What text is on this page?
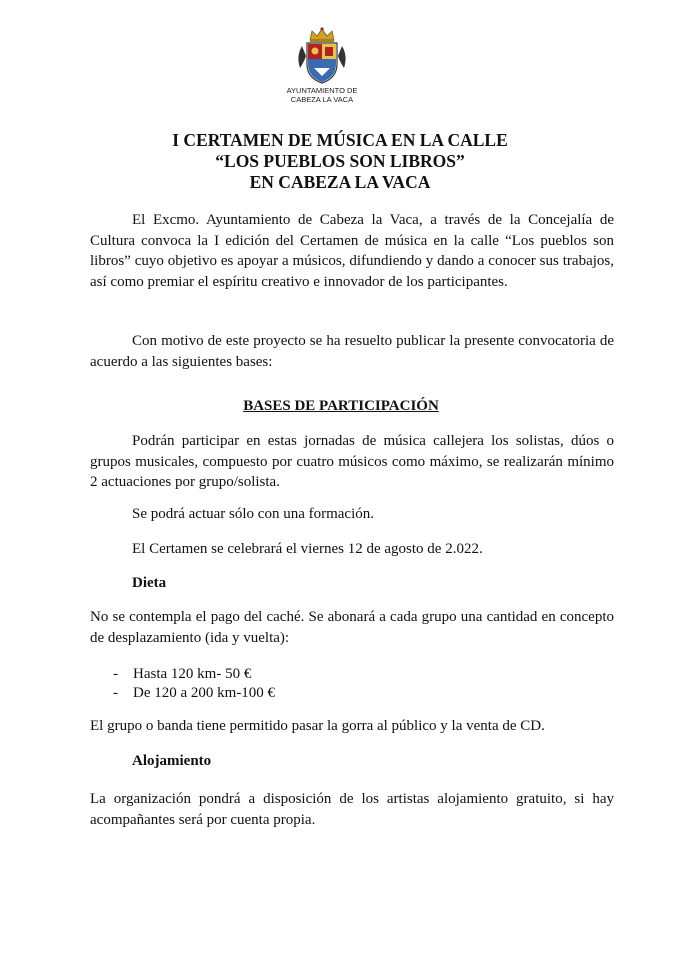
AYUNTAMIENTO DE
CABEZA LA VACA
I CERTAMEN DE MÚSICA EN LA CALLE
“LOS PUEBLOS SON LIBROS”
EN CABEZA LA VACA
El Excmo. Ayuntamiento de Cabeza la Vaca, a través de la Concejalía de Cultura convoca la I edición del Certamen de música en la calle “Los pueblos son libros” cuyo objetivo es apoyar a músicos, difundiendo y dando a conocer sus trabajos, así como premiar el espíritu creativo e innovador de los participantes.
Con motivo de este proyecto se ha resuelto publicar la presente convocatoria de acuerdo a las siguientes bases:
BASES DE PARTICIPACIÓN
Podrán participar en estas jornadas de música callejera los solistas, dúos o grupos musicales, compuesto por cuatro músicos como máximo, se realizarán mínimo 2 actuaciones por grupo/solista.
Se podrá actuar sólo con una formación.
El Certamen se celebrará el viernes 12 de agosto de 2.022.
Dieta
No se contempla el pago del caché. Se abonará a cada grupo una cantidad en concepto de desplazamiento (ida y vuelta):
- Hasta 120 km- 50 €
- De 120 a 200 km-100 €
El grupo o banda tiene permitido pasar la gorra al público y la venta de CD.
Alojamiento
La organización pondrá a disposición de los artistas alojamiento gratuito, si hay acompañantes será por cuenta propia.
